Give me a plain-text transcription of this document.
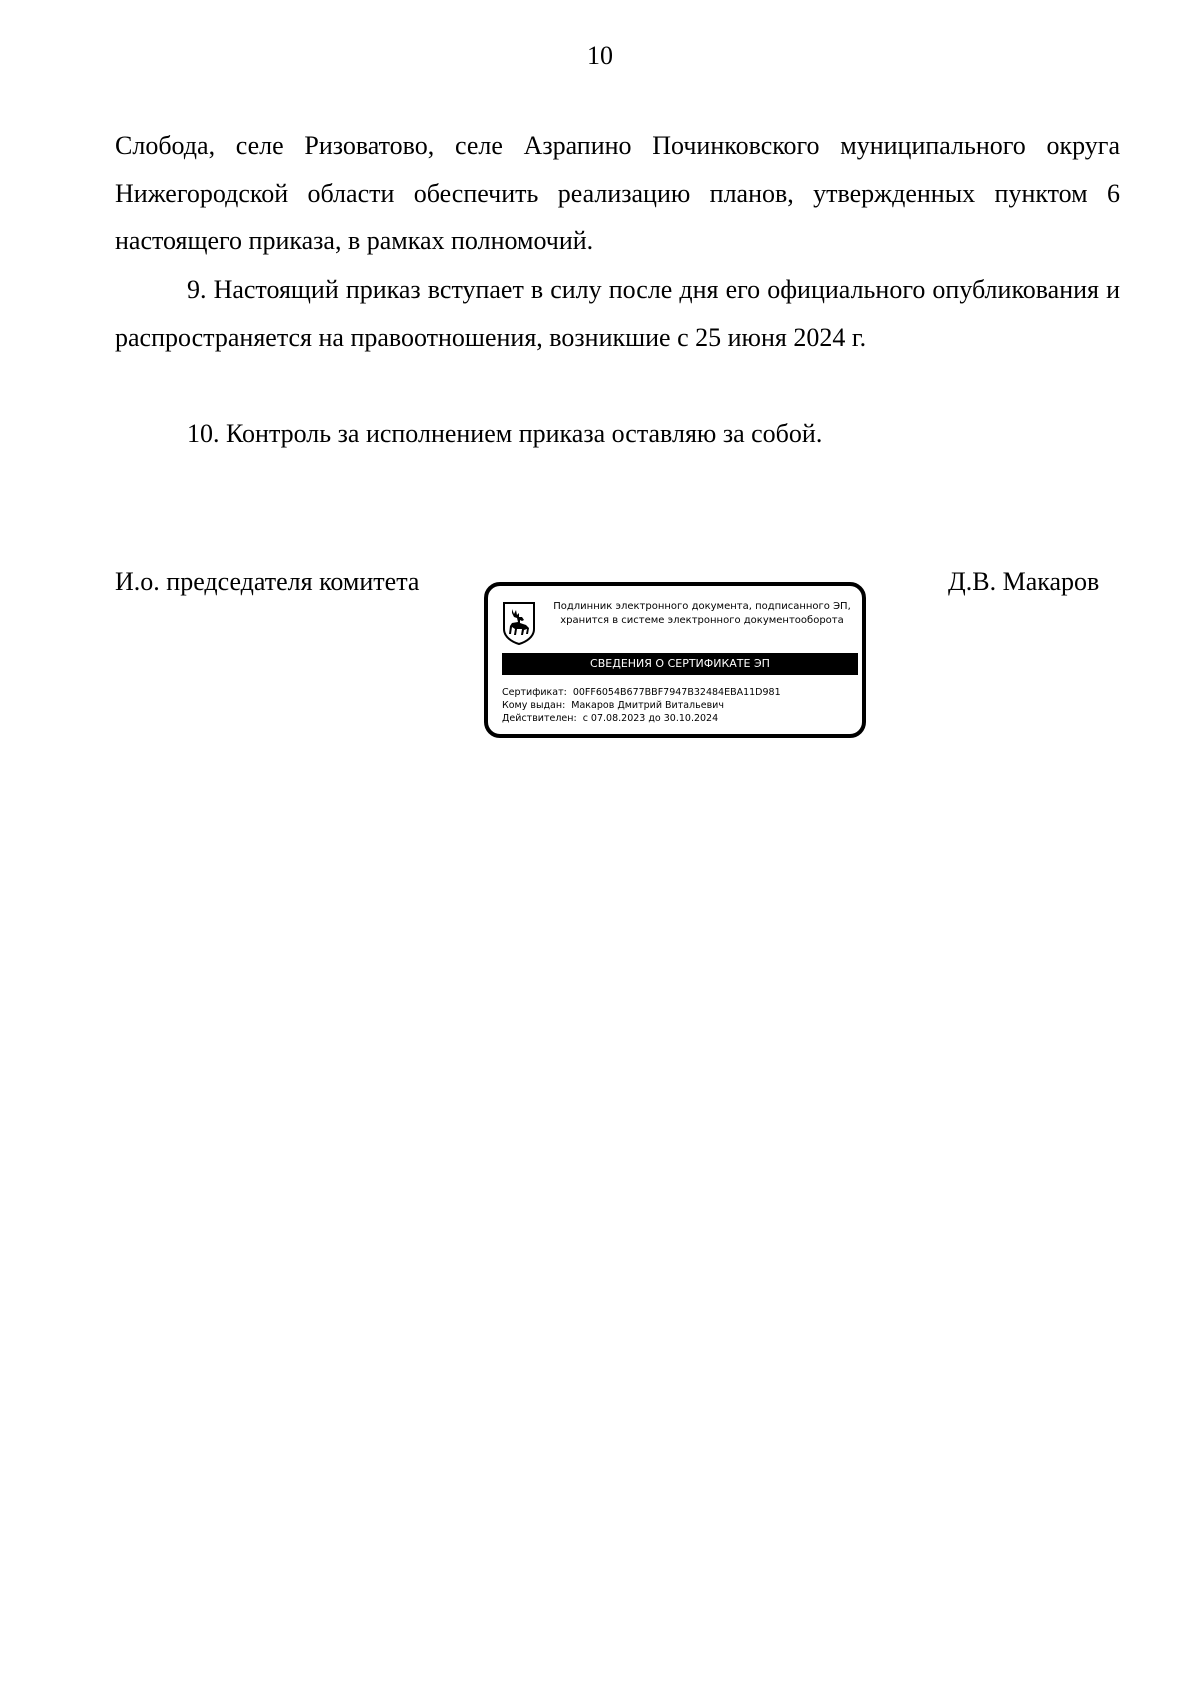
10

Слобода, селе Ризоватово, селе Азрапино Починковского муниципального округа Нижегородской области обеспечить реализацию планов, утвержденных пунктом 6 настоящего приказа, в рамках полномочий.

9. Настоящий приказ вступает в силу после дня его официального опубликования и распространяется на правоотношения, возникшие с 25 июня 2024 г.

10. Контроль за исполнением приказа оставляю за собой.

И.о. председателя комитета	Д.В. Макаров
Подлинник электронного документа, подписанного ЭП,
хранится в системе электронного документооборота
СВЕДЕНИЯ О СЕРТИФИКАТЕ ЭП
Сертификат: 00FF6054B677BBF7947B32484EBA11D981
Кому выдан: Макаров Дмитрий Витальевич
Действителен: с 07.08.2023 до 30.10.2024
